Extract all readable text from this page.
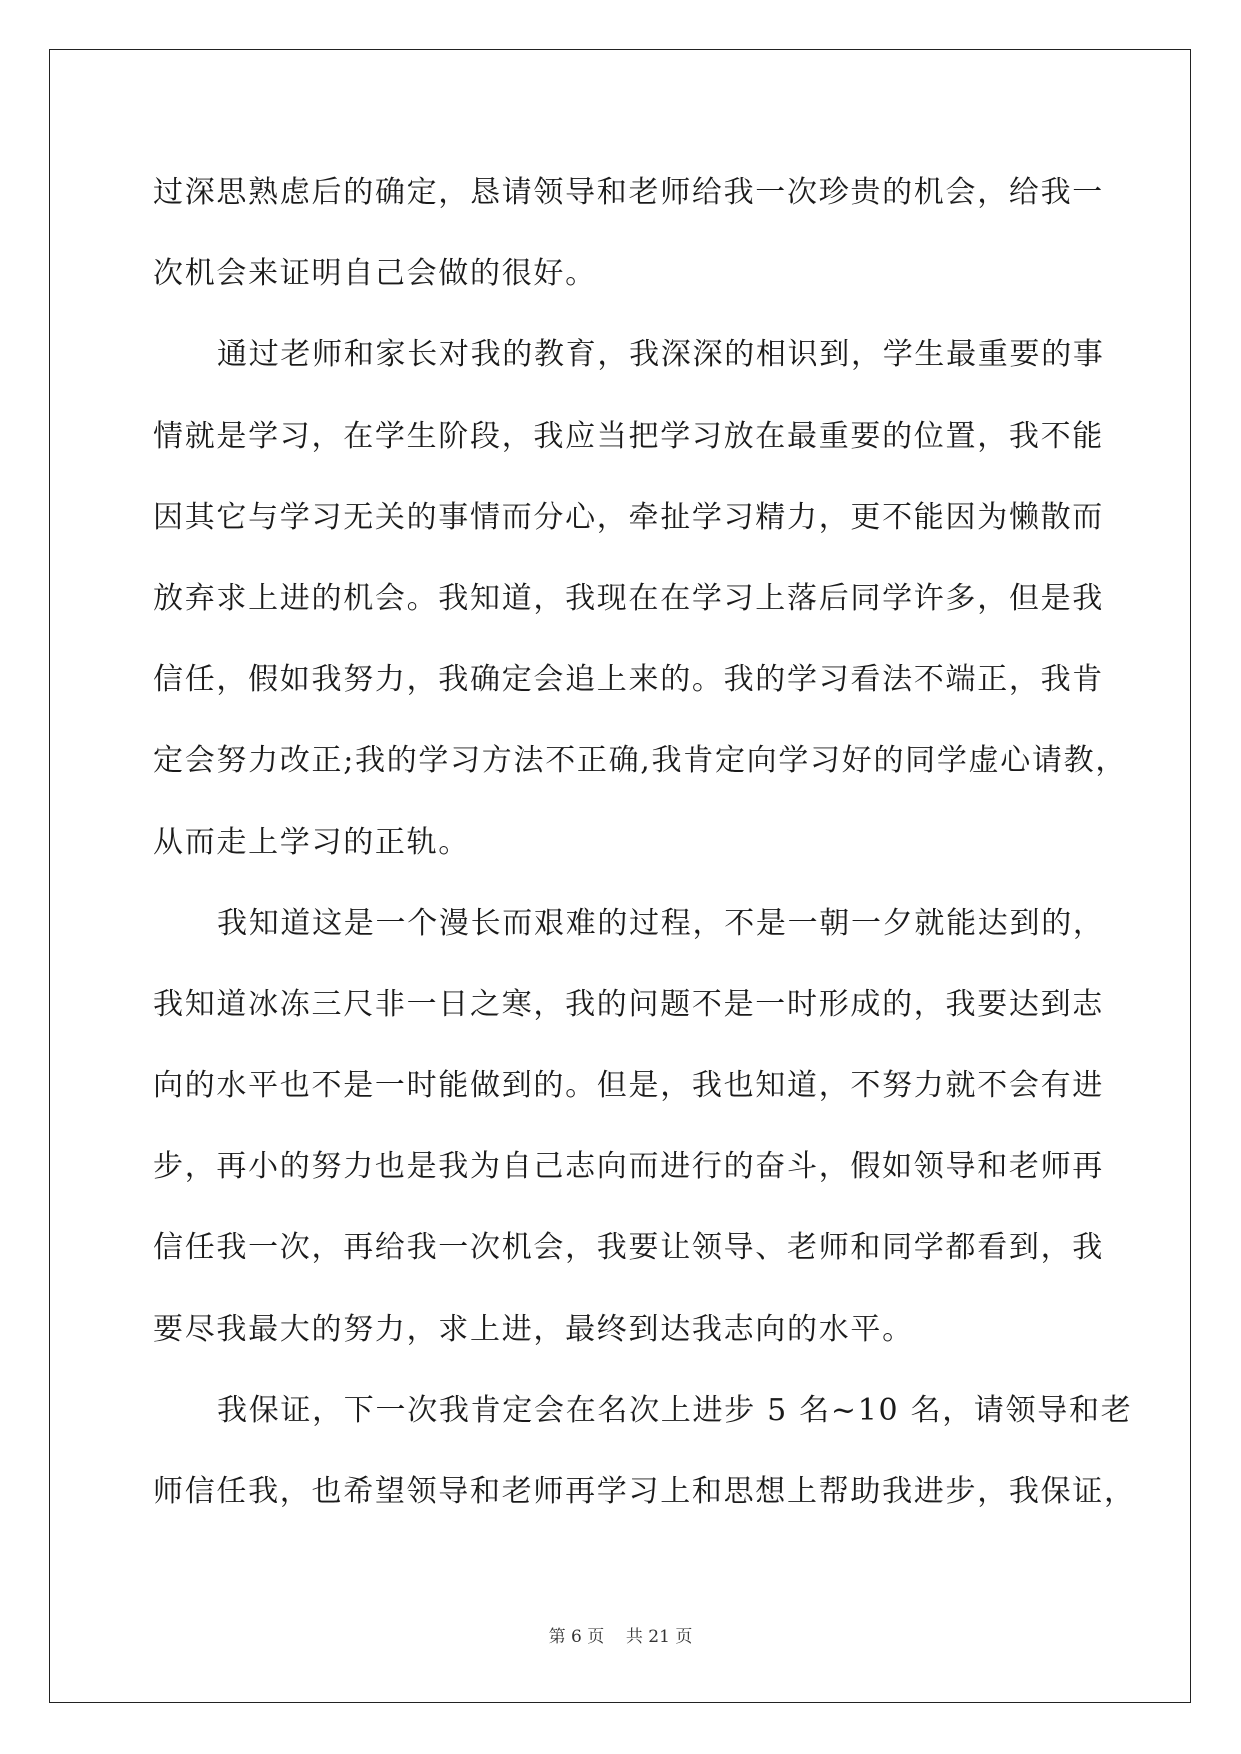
过深思熟虑后的确定，恳请领导和老师给我一次珍贵的机会，给我一
次机会来证明自己会做的很好。
通过老师和家长对我的教育，我深深的相识到，学生最重要的事
情就是学习，在学生阶段，我应当把学习放在最重要的位置，我不能
因其它与学习无关的事情而分心，牵扯学习精力，更不能因为懒散而
放弃求上进的机会。我知道，我现在在学习上落后同学许多，但是我
信任，假如我努力，我确定会追上来的。我的学习看法不端正，我肯
定会努力改正;我的学习方法不正确,我肯定向学习好的同学虚心请教，
从而走上学习的正轨。
我知道这是一个漫长而艰难的过程，不是一朝一夕就能达到的，
我知道冰冻三尺非一日之寒，我的问题不是一时形成的，我要达到志
向的水平也不是一时能做到的。但是，我也知道，不努力就不会有进
步，再小的努力也是我为自己志向而进行的奋斗，假如领导和老师再
信任我一次，再给我一次机会，我要让领导、老师和同学都看到，我
要尽我最大的努力，求上进，最终到达我志向的水平。
我保证，下一次我肯定会在名次上进步 5 名~10 名，请领导和老
师信任我，也希望领导和老师再学习上和思想上帮助我进步，我保证，
第 6 页 共 21 页
